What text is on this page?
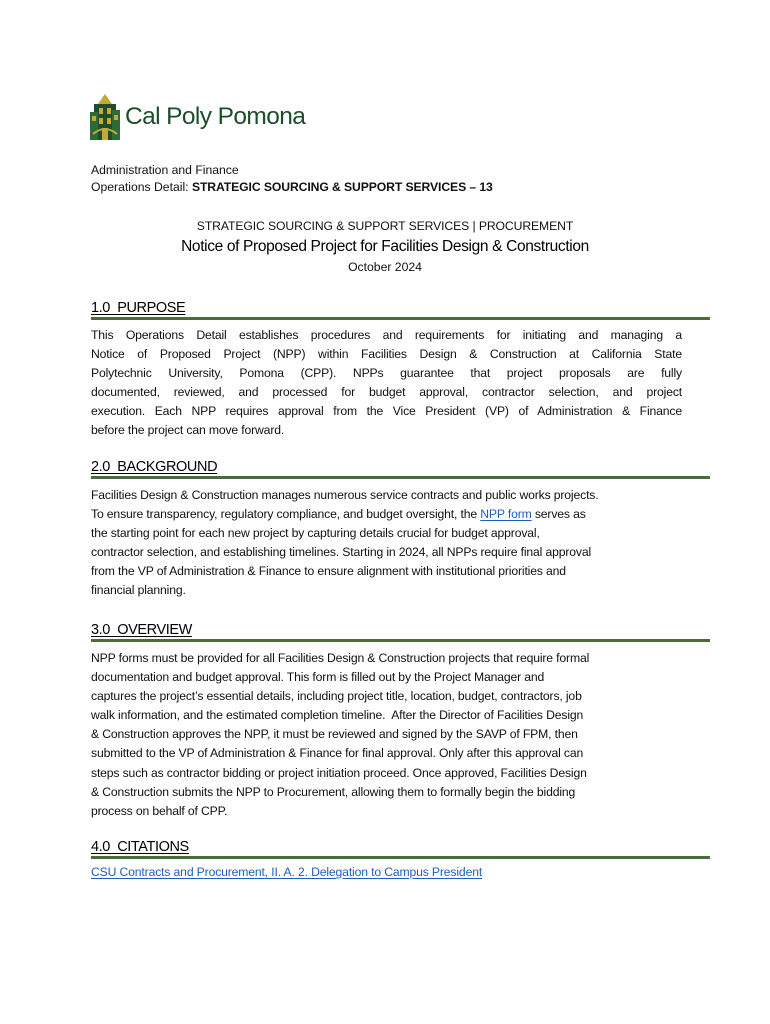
Cal Poly Pomona
Administration and Finance
Operations Detail: STRATEGIC SOURCING & SUPPORT SERVICES – 13
STRATEGIC SOURCING & SUPPORT SERVICES | PROCUREMENT
Notice of Proposed Project for Facilities Design & Construction
October 2024
1.0  PURPOSE
This Operations Detail establishes procedures and requirements for initiating and managing a
Notice of Proposed Project (NPP) within Facilities Design & Construction at California State
Polytechnic University, Pomona (CPP). NPPs guarantee that project proposals are fully
documented, reviewed, and processed for budget approval, contractor selection, and project
execution. Each NPP requires approval from the Vice President (VP) of Administration & Finance
before the project can move forward.
2.0  BACKGROUND
Facilities Design & Construction manages numerous service contracts and public works projects.
To ensure transparency, regulatory compliance, and budget oversight, the NPP form serves as
the starting point for each new project by capturing details crucial for budget approval,
contractor selection, and establishing timelines. Starting in 2024, all NPPs require final approval
from the VP of Administration & Finance to ensure alignment with institutional priorities and
financial planning.
3.0  OVERVIEW
NPP forms must be provided for all Facilities Design & Construction projects that require formal
documentation and budget approval. This form is filled out by the Project Manager and
captures the project’s essential details, including project title, location, budget, contractors, job
walk information, and the estimated completion timeline.  After the Director of Facilities Design
& Construction approves the NPP, it must be reviewed and signed by the SAVP of FPM, then
submitted to the VP of Administration & Finance for final approval. Only after this approval can
steps such as contractor bidding or project initiation proceed. Once approved, Facilities Design
& Construction submits the NPP to Procurement, allowing them to formally begin the bidding
process on behalf of CPP.
4.0  CITATIONS
CSU Contracts and Procurement, II. A. 2. Delegation to Campus President
